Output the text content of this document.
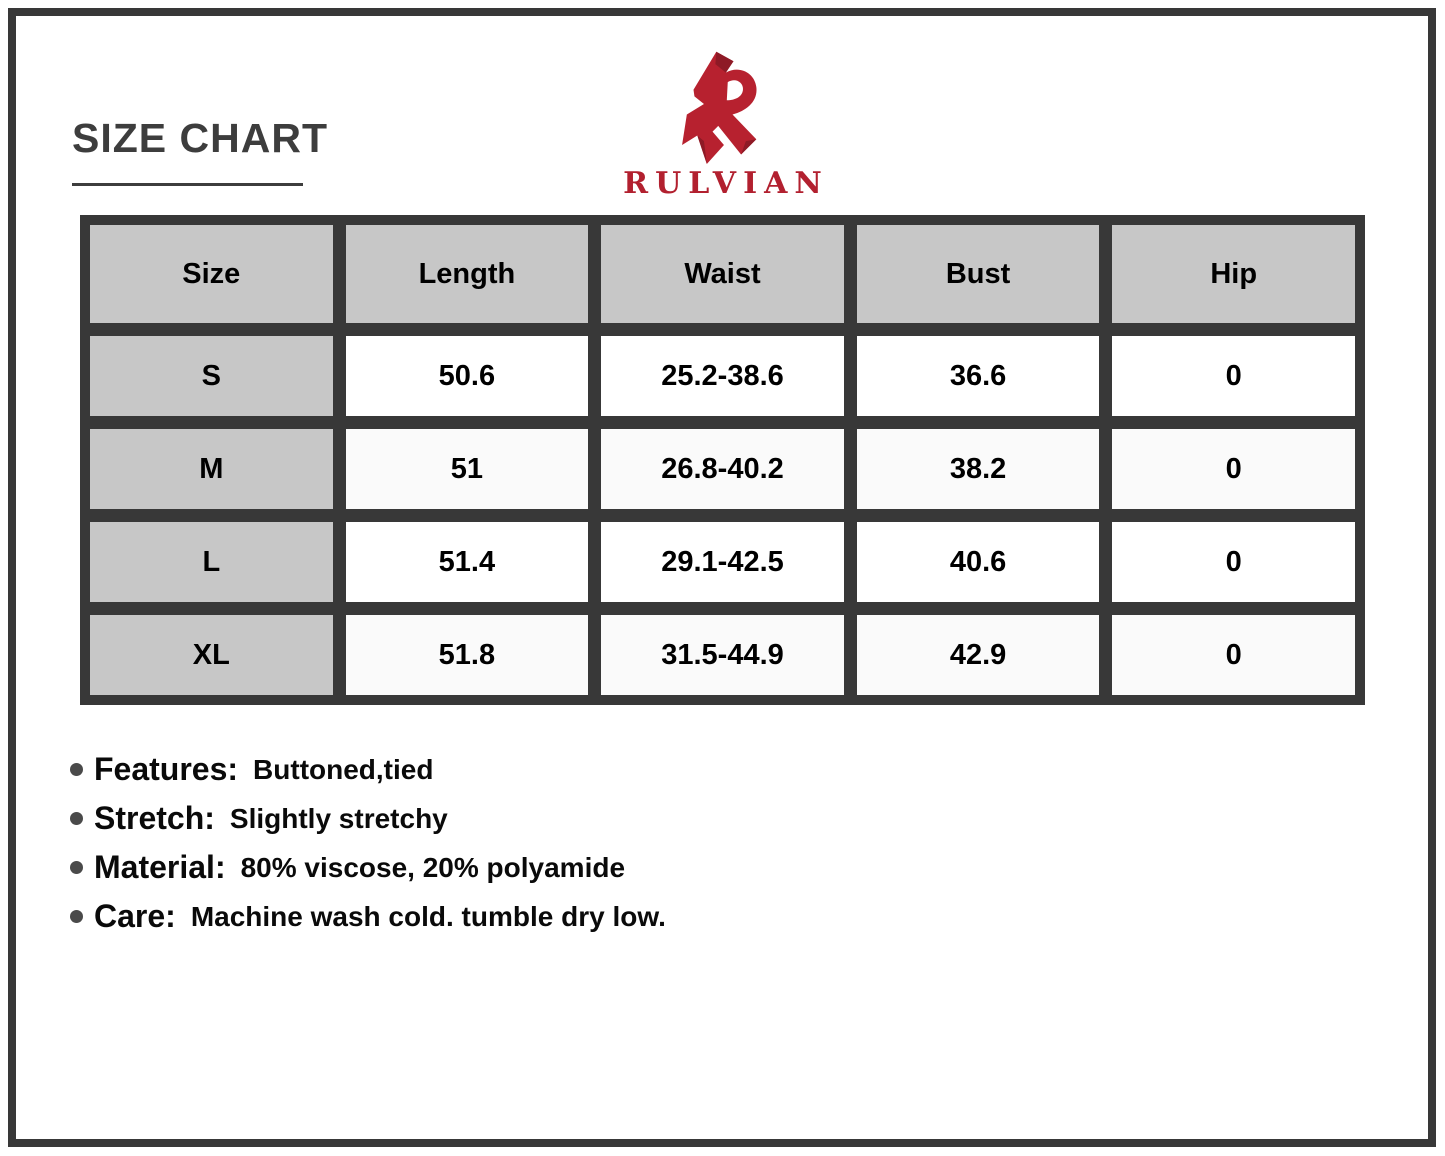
SIZE CHART
RULVIAN
Size	Length	Waist	Bust	Hip
S	50.6	25.2-38.6	36.6	0
M	51	26.8-40.2	38.2	0
L	51.4	29.1-42.5	40.6	0
XL	51.8	31.5-44.9	42.9	0
Features: Buttoned,tied
Stretch: Slightly stretchy
Material: 80% viscose, 20% polyamide
Care: Machine wash cold. tumble dry low.
